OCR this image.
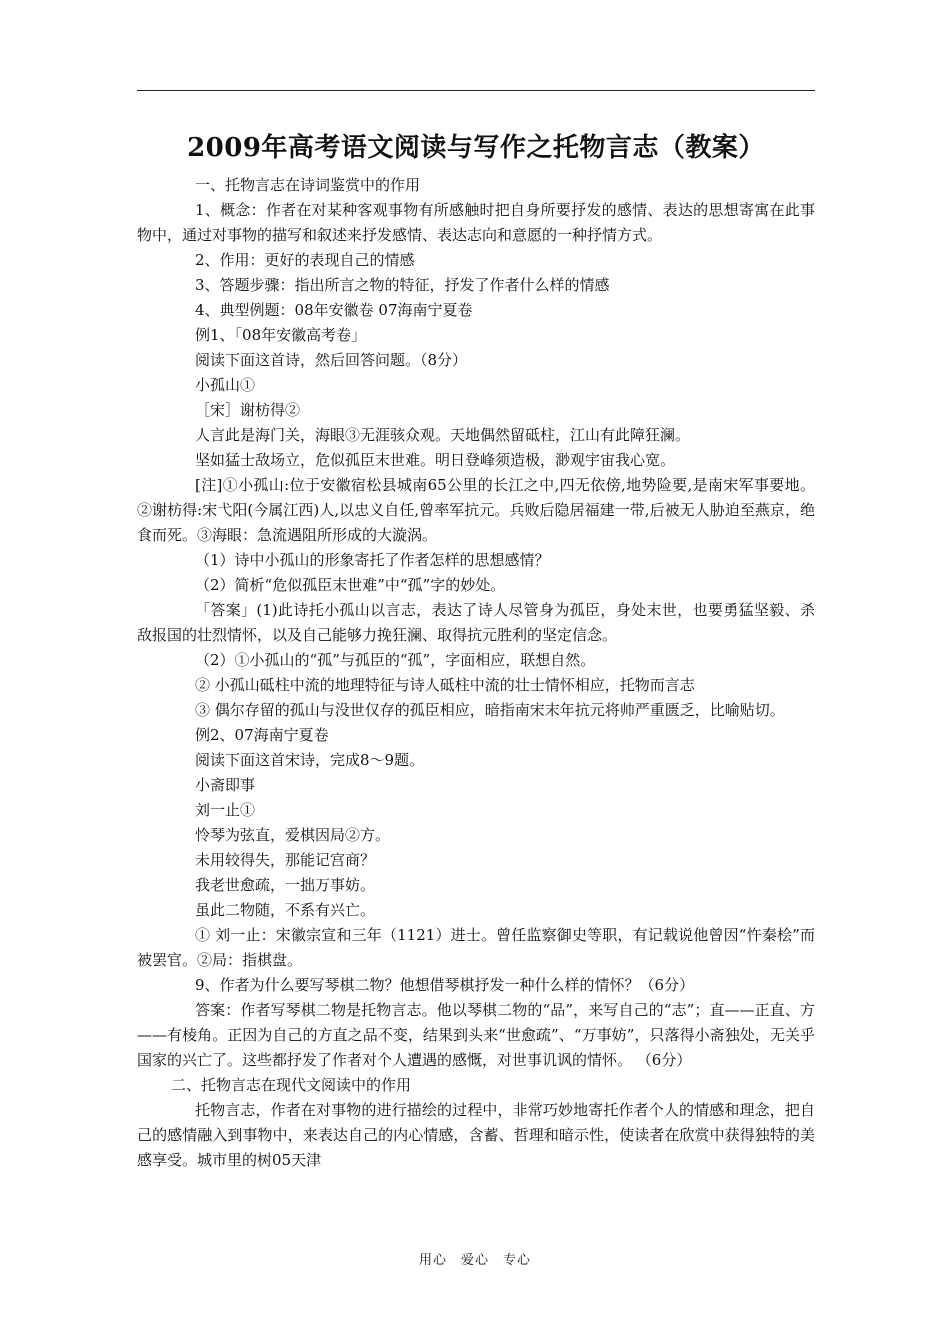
2009年高考语文阅读与写作之托物言志（教案）

一、托物言志在诗词鉴赏中的作用

1、概念：作者在对某种客观事物有所感触时把自身所要抒发的感情、表达的思想寄寓在此事物中，通过对事物的描写和叙述来抒发感情、表达志向和意愿的一种抒情方式。

2、作用：更好的表现自己的情感

3、答题步骤：指出所言之物的特征，抒发了作者什么样的情感

4、典型例题：08年安徽卷 07海南宁夏卷

例1、「08年安徽高考卷」

阅读下面这首诗，然后回答问题。（8分）

小孤山①

［宋］谢枋得②

人言此是海门关，海眼③无涯骇众观。天地偶然留砥柱，江山有此障狂澜。

坚如猛士敌场立，危似孤臣末世难。明日登峰须造极，渺观宇宙我心宽。

[注]①小孤山:位于安徽宿松县城南65公里的长江之中,四无依傍,地势险要,是南宋军事要地。②谢枋得:宋弋阳(今属江西)人,以忠义自任,曾率军抗元。兵败后隐居福建一带,后被无人胁迫至燕京，绝食而死。③海眼：急流遇阻所形成的大漩涡。

（1）诗中小孤山的形象寄托了作者怎样的思想感情？

（2）简析“危似孤臣末世难”中“孤”字的妙处。

「答案」(1)此诗托小孤山以言志，表达了诗人尽管身为孤臣，身处末世，也要勇猛坚毅、杀敌报国的壮烈情怀，以及自己能够力挽狂澜、取得抗元胜利的坚定信念。

（2）①小孤山的“孤”与孤臣的“孤”，字面相应，联想自然。

② 小孤山砥柱中流的地理特征与诗人砥柱中流的壮士情怀相应，托物而言志

③ 偶尔存留的孤山与没世仅存的孤臣相应，暗指南宋末年抗元将帅严重匮乏，比喻贴切。

例2、07海南宁夏卷

阅读下面这首宋诗，完成8～9题。

小斋即事

刘一止①

怜琴为弦直，爱棋因局②方。

未用较得失，那能记宫商？

我老世愈疏，一拙万事妨。

虽此二物随，不系有兴亡。

① 刘一止：宋徽宗宣和三年（1121）进士。曾任监察御史等职，有记载说他曾因“忤秦桧”而被罢官。②局：指棋盘。

9、作者为什么要写琴棋二物？他想借琴棋抒发一种什么样的情怀？（6分）

答案：作者写琴棋二物是托物言志。他以琴棋二物的“品”，来写自己的“志”；直——正直、方——有棱角。正因为自己的方直之品不变，结果到头来“世愈疏”、“万事妨”，只落得小斋独处，无关乎国家的兴亡了。这些都抒发了作者对个人遭遇的感慨，对世事讥讽的情怀。 （6分）

二、托物言志在现代文阅读中的作用

托物言志，作者在对事物的进行描绘的过程中，非常巧妙地寄托作者个人的情感和理念，把自己的感情融入到事物中，来表达自己的内心情感，含蓄、哲理和暗示性，使读者在欣赏中获得独特的美感享受。城市里的树05天津

用心　爱心　专心
